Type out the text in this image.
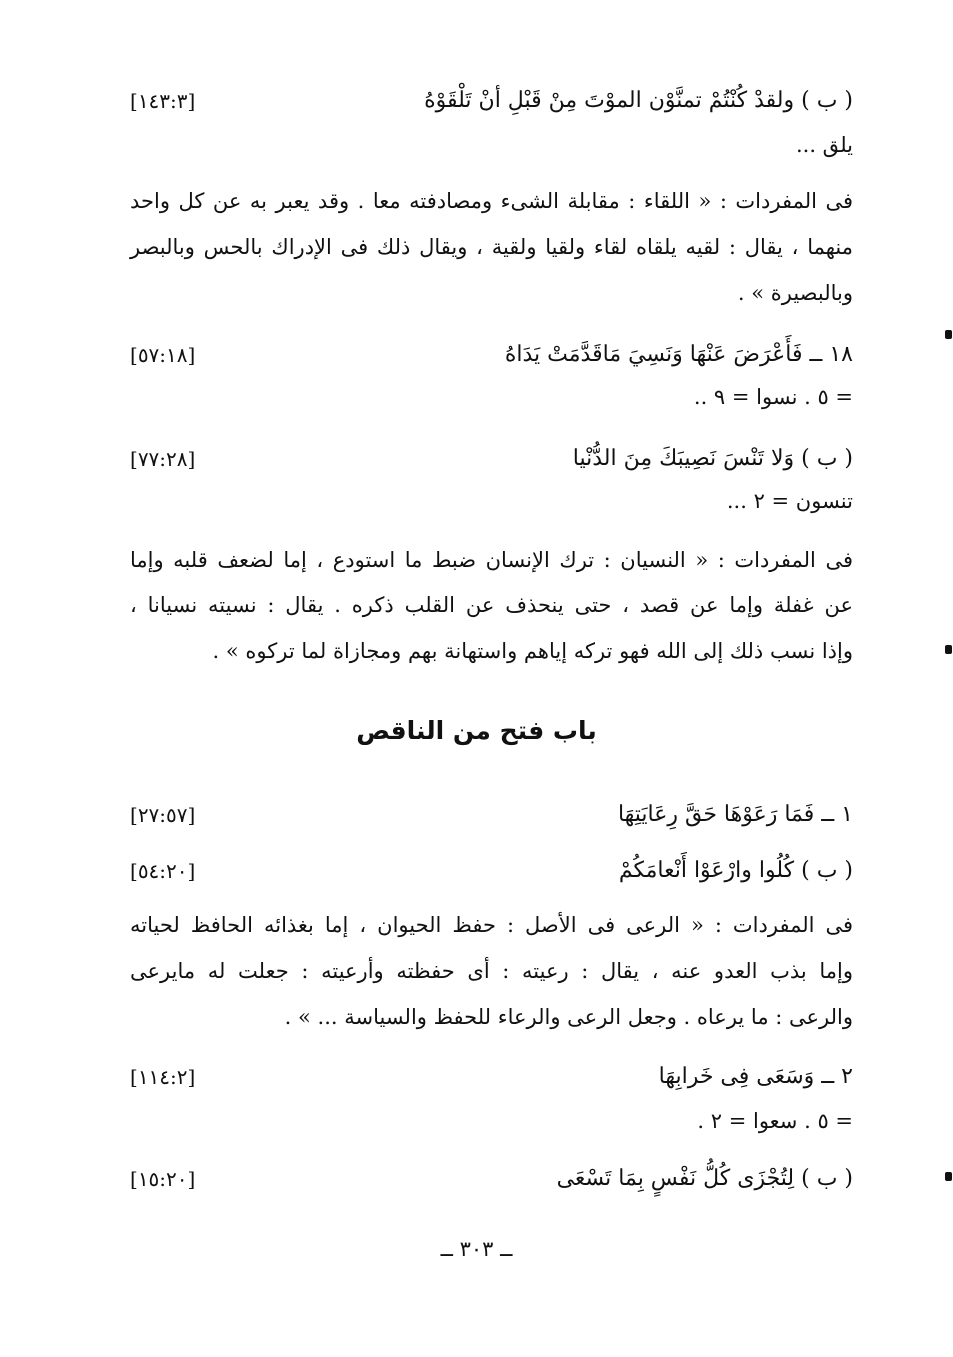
( ب ) ولقدْ كُنْتُمْ تمنَّوْن الموْتَ مِنْ قَبْلِ أنْ تَلْقَوْهُ
[١٤٣:٣]
يلق ...
فى المفردات : « اللقاء : مقابلة الشىء ومصادفته معا . وقد يعبر به عن كل واحد
منهما ، يقال : لقيه يلقاه لقاء ولقيا ولقية ، ويقال ذلك فى الإدراك بالحس وبالبصر
وبالبصيرة » .
١٨ ــ فَأَعْرَضَ عَنْهَا وَنَسِيَ مَاقَدَّمَتْ يَدَاهُ
[٥٧:١٨]
= ٥ . نسوا = ٩ ..
( ب ) وَلا تَنْسَ نَصِيبَكَ مِنَ الدُّنْيا
[٧٧:٢٨]
تنسون = ٢ ...
فى المفردات : « النسيان : ترك الإنسان ضبط ما استودع ، إما لضعف قلبه وإما
عن غفلة وإما عن قصد ، حتى ينحذف عن القلب ذكره . يقال : نسيته نسيانا ،
وإذا نسب ذلك إلى الله فهو تركه إياهم واستهانة بهم ومجازاة لما تركوه » .
باب فتح من الناقص
١ ــ فَمَا رَعَوْهَا حَقَّ رِعَايَتِهَا
[٢٧:٥٧]
( ب ) كُلُوا وارْعَوْا أَنْعامَكُمْ
[٥٤:٢٠]
فى المفردات : « الرعى فى الأصل : حفظ الحيوان ، إما بغذائه الحافظ لحياته
وإما بذب العدو عنه ، يقال : رعيته : أى حفظته وأرعيته : جعلت له مايرعى
والرعى : ما يرعاه . وجعل الرعى والرعاء للحفظ والسياسة ... » .
٢ ــ وَسَعَى فِى خَرابِهَا
[١١٤:٢]
= ٥ . سعوا = ٢ .
( ب ) لِتُجْزَى كُلُّ نَفْسٍ بِمَا تَسْعَى
[١٥:٢٠]
ــ ٣٠٣ ــ
